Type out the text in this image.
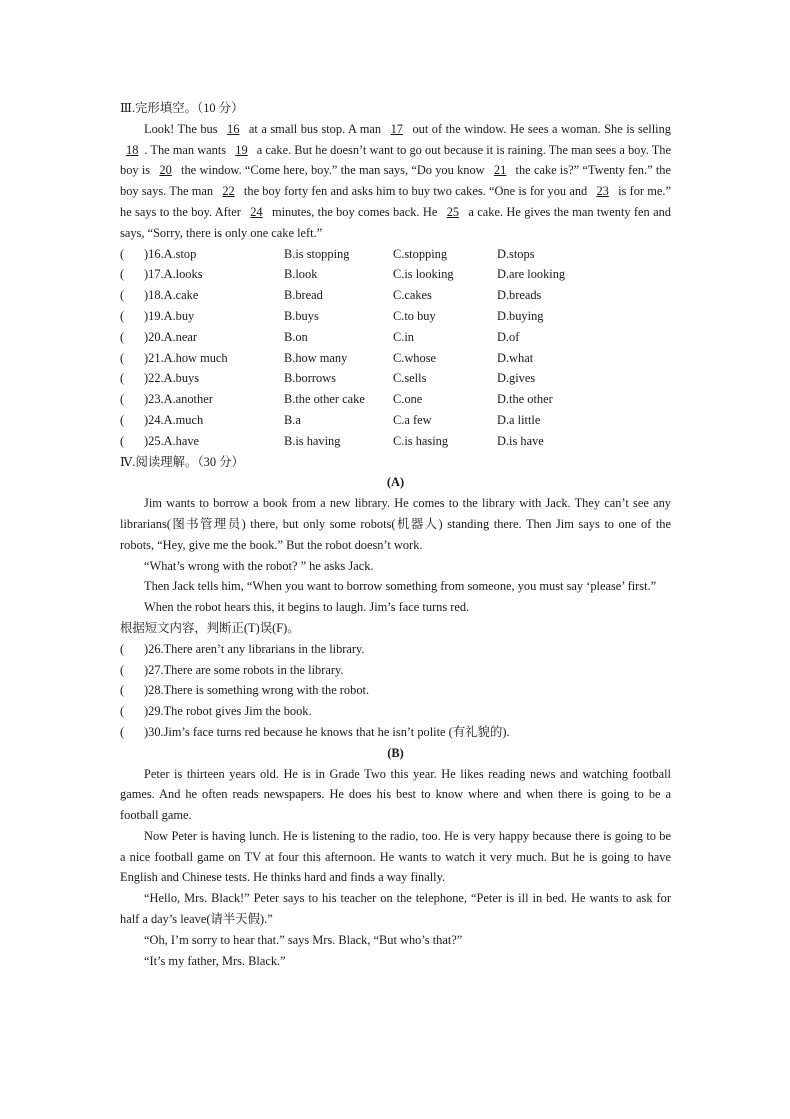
Ⅲ.完形填空。（10 分）

Look! The bus 16 at a small bus stop. A man 17 out of the window. He sees a woman. She is selling 18 . The man wants 19 a cake. But he doesn’t want to go out because it is raining. The man sees a boy. The boy is 20 the window. “Come here, boy.” the man says, “Do you know 21 the cake is?” “Twenty fen.” the boy says. The man 22 the boy forty fen and asks him to buy two cakes. “One is for you and 23 is for me.” he says to the boy. After 24 minutes, the boy comes back. He 25 a cake. He gives the man twenty fen and says, “Sorry, there is only one cake left.”

(	)16.A.stop	B.is stopping	C.stopping	D.stops
(	)17.A.looks	B.look	C.is looking	D.are looking
(	)18.A.cake	B.bread	C.cakes	D.breads
(	)19.A.buy	B.buys	C.to buy	D.buying
(	)20.A.near	B.on	C.in	D.of
(	)21.A.how much	B.how many	C.whose	D.what
(	)22.A.buys	B.borrows	C.sells	D.gives
(	)23.A.another	B.the other cake	C.one	D.the other
(	)24.A.much	B.a	C.a few	D.a little
(	)25.A.have	B.is having	C.is hasing	D.is have

Ⅳ.阅读理解。（30 分）

(A)

Jim wants to borrow a book from a new library. He comes to the library with Jack. They can’t see any librarians(图书管理员) there, but only some robots(机器人) standing there. Then Jim says to one of the robots, “Hey, give me the book.” But the robot doesn’t work.

“What’s wrong with the robot? ” he asks Jack.

Then Jack tells him, “When you want to borrow something from someone, you must say ‘please’ first.”

When the robot hears this, it begins to laugh. Jim’s face turns red.

根据短文内容，判断正(T)误(F)。

(	)26.There aren’t any librarians in the library.
(	)27.There are some robots in the library.
(	)28.There is something wrong with the robot.
(	)29.The robot gives Jim the book.
(	)30.Jim’s face turns red because he knows that he isn’t polite (有礼貌的).

(B)

Peter is thirteen years old. He is in Grade Two this year. He likes reading news and watching football games. And he often reads newspapers. He does his best to know where and when there is going to be a football game.

Now Peter is having lunch. He is listening to the radio, too. He is very happy because there is going to be a nice football game on TV at four this afternoon. He wants to watch it very much. But he is going to have English and Chinese tests. He thinks hard and finds a way finally.

“Hello, Mrs. Black!” Peter says to his teacher on the telephone, “Peter is ill in bed. He wants to ask for half a day’s leave(请半天假).”

“Oh, I’m sorry to hear that.” says Mrs. Black, “But who’s that?”

“It’s my father, Mrs. Black.”
